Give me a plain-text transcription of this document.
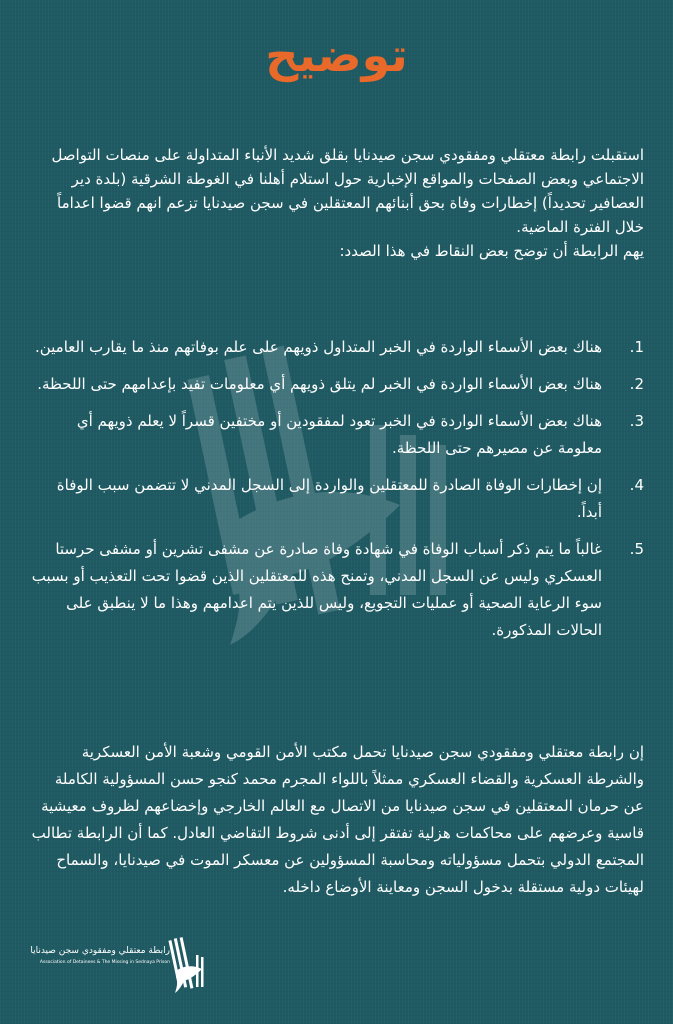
توضيح

استقبلت رابطة معتقلي ومفقودي سجن صيدنايا بقلق شديد الأنباء المتداولة على منصات التواصل الاجتماعي وبعض الصفحات والمواقع الإخبارية حول استلام أهلنا في الغوطة الشرقية (بلدة دير العصافير تحديداً) إخطارات وفاة بحق أبنائهم المعتقلين في سجن صيدنايا تزعم انهم قضوا اعداماً خلال الفترة الماضية.

يهم الرابطة أن توضح بعض النقاط في هذا الصدد:

1.
هناك بعض الأسماء الواردة في الخبر المتداول ذويهم على علم بوفاتهم منذ ما يقارب العامين.
2.
هناك بعض الأسماء الواردة في الخبر لم يتلق ذويهم أي معلومات تفيد بإعدامهم حتى اللحظة.
3.
هناك بعض الأسماء الواردة في الخبر تعود لمفقودين أو مختفين قسراً لا يعلم ذويهم أي معلومة عن مصيرهم حتى اللحظة.
4.
إن إخطارات الوفاة الصادرة للمعتقلين والواردة إلى السجل المدني لا تتضمن سبب الوفاة أبداً.
5.
غالباً ما يتم ذكر أسباب الوفاة في شهادة وفاة صادرة عن مشفى تشرين أو مشفى حرستا العسكري وليس عن السجل المدني، وتمنح هذه للمعتقلين الذين قضوا تحت التعذيب أو بسبب سوء الرعاية الصحية أو عمليات التجويع، وليس للذين يتم اعدامهم وهذا ما لا ينطبق على الحالات المذكورة.

إن رابطة معتقلي ومفقودي سجن صيدنايا تحمل مكتب الأمن القومي وشعبة الأمن العسكرية والشرطة العسكرية والقضاء العسكري ممثلاً باللواء المجرم محمد كنجو حسن المسؤولية الكاملة عن حرمان المعتقلين في سجن صيدنايا من الاتصال مع العالم الخارجي وإخضاعهم لظروف معيشية قاسية وعرضهم على محاكمات هزلية تفتقر إلى أدنى شروط التقاضي العادل. كما أن الرابطة تطالب المجتمع الدولي بتحمل مسؤولياته ومحاسبة المسؤولين عن معسكر الموت في صيدنايا، والسماح لهيئات دولية مستقلة بدخول السجن ومعاينة الأوضاع داخله.

رابطة معتقلي ومفقودي سجن صيدنايا
Association of Detainees & The Missing in Sednaya Prison
